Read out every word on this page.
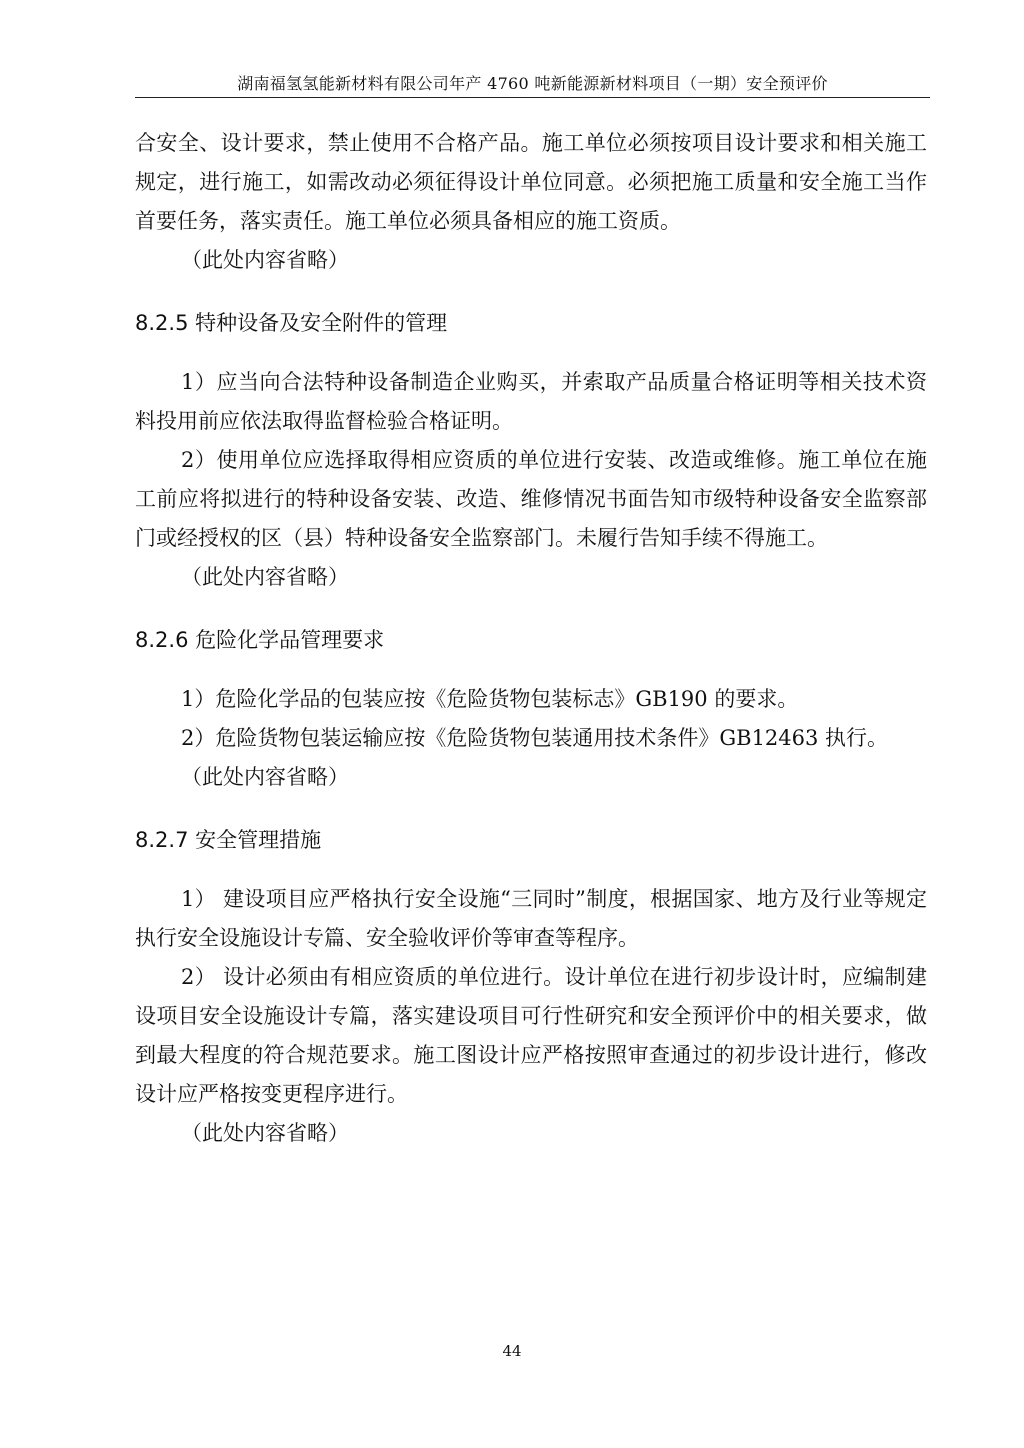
湖南福氢氢能新材料有限公司年产 4760 吨新能源新材料项目（一期）安全预评价

合安全、设计要求，禁止使用不合格产品。施工单位必须按项目设计要求和相关施工规定，进行施工，如需改动必须征得设计单位同意。必须把施工质量和安全施工当作首要任务，落实责任。施工单位必须具备相应的施工资质。

（此处内容省略）

8.2.5 特种设备及安全附件的管理

1）应当向合法特种设备制造企业购买，并索取产品质量合格证明等相关技术资料投用前应依法取得监督检验合格证明。

2）使用单位应选择取得相应资质的单位进行安装、改造或维修。施工单位在施工前应将拟进行的特种设备安装、改造、维修情况书面告知市级特种设备安全监察部门或经授权的区（县）特种设备安全监察部门。未履行告知手续不得施工。

（此处内容省略）

8.2.6 危险化学品管理要求

1）危险化学品的包装应按《危险货物包装标志》GB190 的要求。

2）危险货物包装运输应按《危险货物包装通用技术条件》GB12463 执行。

（此处内容省略）

8.2.7 安全管理措施

1） 建设项目应严格执行安全设施“三同时”制度，根据国家、地方及行业等规定执行安全设施设计专篇、安全验收评价等审查等程序。

2） 设计必须由有相应资质的单位进行。设计单位在进行初步设计时，应编制建设项目安全设施设计专篇，落实建设项目可行性研究和安全预评价中的相关要求，做到最大程度的符合规范要求。施工图设计应严格按照审查通过的初步设计进行，修改设计应严格按变更程序进行。

（此处内容省略）

44
